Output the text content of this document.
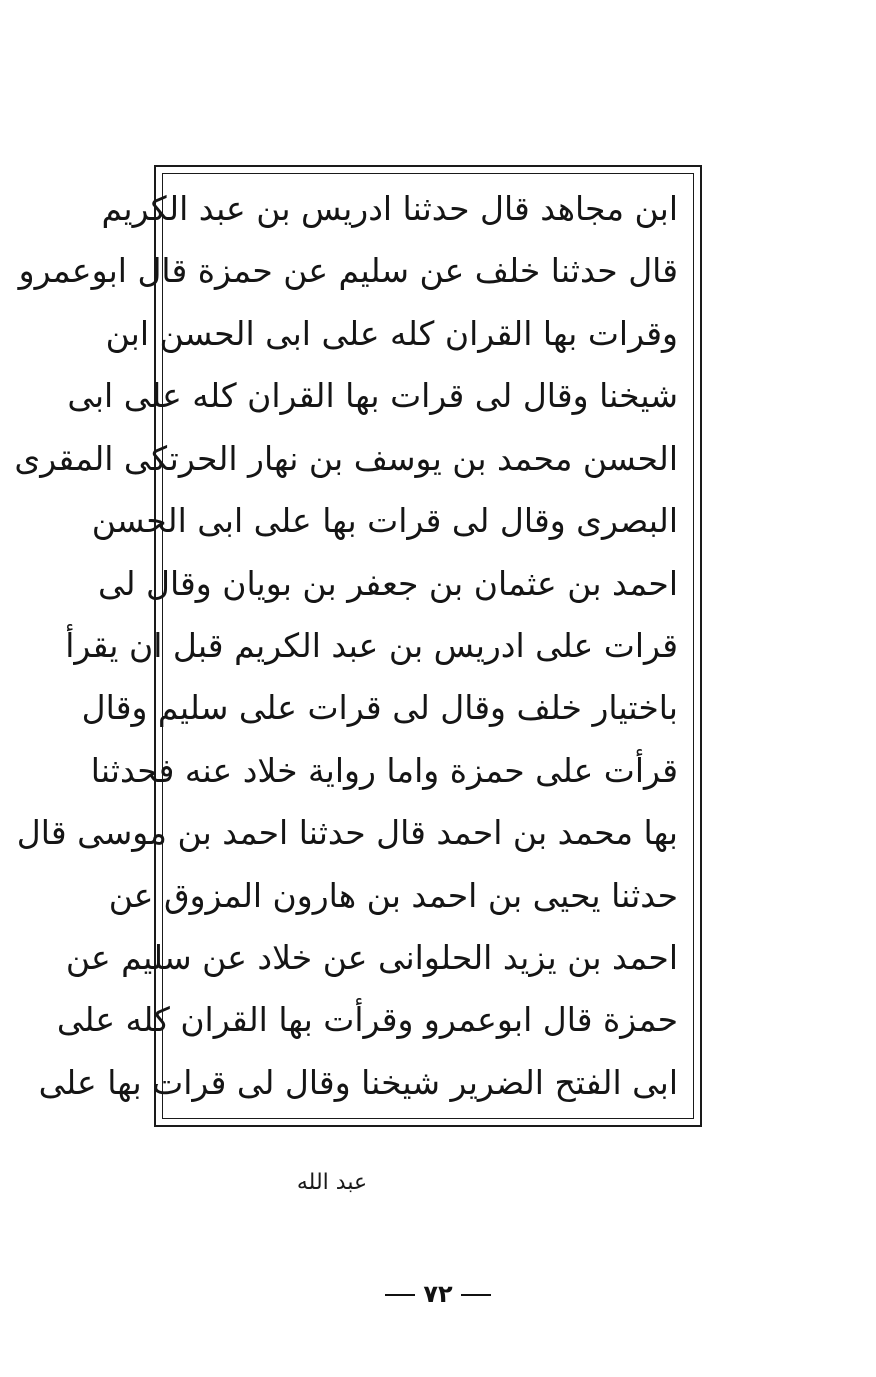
ابن مجاهد قال حدثنا ادريس بن عبد الكريم
قال حدثنا خلف عن سليم عن حمزة قال ابوعمرو
وقرات بها القران كله على ابى الحسن ابن
شيخنا وقال لى قرات بها القران كله على ابى
الحسن محمد بن يوسف بن نهار الحرتكى المقرى
البصرى وقال لى قرات بها على ابى الحسن
احمد بن عثمان بن جعفر بن بويان وقال لى
قرات على ادريس بن عبد الكريم قبل ان يقرأ
باختيار خلف وقال لى قرات على سليم وقال
قرأت على حمزة واما رواية خلاد عنه فحدثنا
بها محمد بن احمد قال حدثنا احمد بن موسى قال
حدثنا يحيى بن احمد بن هارون المزوق عن
احمد بن يزيد الحلوانى عن خلاد عن سليم عن
حمزة قال ابوعمرو وقرأت بها القران كله على
ابى الفتح الضرير شيخنا وقال لى قرات بها على
عبد الله
٧٢
